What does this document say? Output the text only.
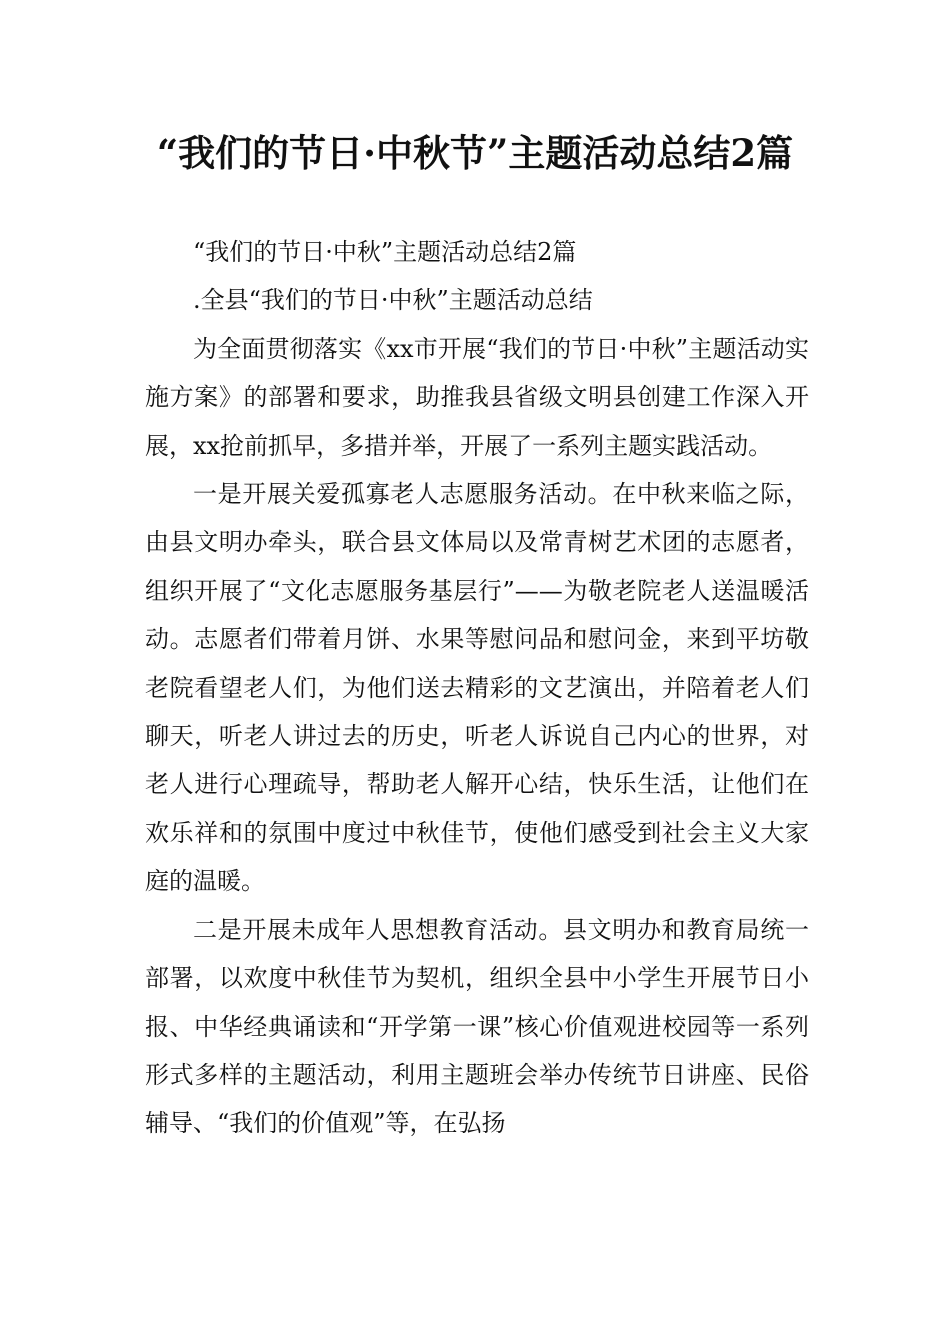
“我们的节日·中秋节”主题活动总结2篇

“我们的节日·中秋”主题活动总结2篇

.全县“我们的节日·中秋”主题活动总结

为全面贯彻落实《xx市开展“我们的节日·中秋”主题活动实施方案》的部署和要求，助推我县省级文明县创建工作深入开展，xx抢前抓早，多措并举，开展了一系列主题实践活动。

一是开展关爱孤寡老人志愿服务活动。在中秋来临之际，由县文明办牵头，联合县文体局以及常青树艺术团的志愿者，组织开展了“文化志愿服务基层行”——为敬老院老人送温暖活动。志愿者们带着月饼、水果等慰问品和慰问金，来到平坊敬老院看望老人们，为他们送去精彩的文艺演出，并陪着老人们聊天，听老人讲过去的历史，听老人诉说自己内心的世界，对老人进行心理疏导，帮助老人解开心结，快乐生活，让他们在欢乐祥和的氛围中度过中秋佳节，使他们感受到社会主义大家庭的温暖。

二是开展未成年人思想教育活动。县文明办和教育局统一部署，以欢度中秋佳节为契机，组织全县中小学生开展节日小报、中华经典诵读和“开学第一课”核心价值观进校园等一系列形式多样的主题活动，利用主题班会举办传统节日讲座、民俗辅导、“我们的价值观”等，在弘扬
